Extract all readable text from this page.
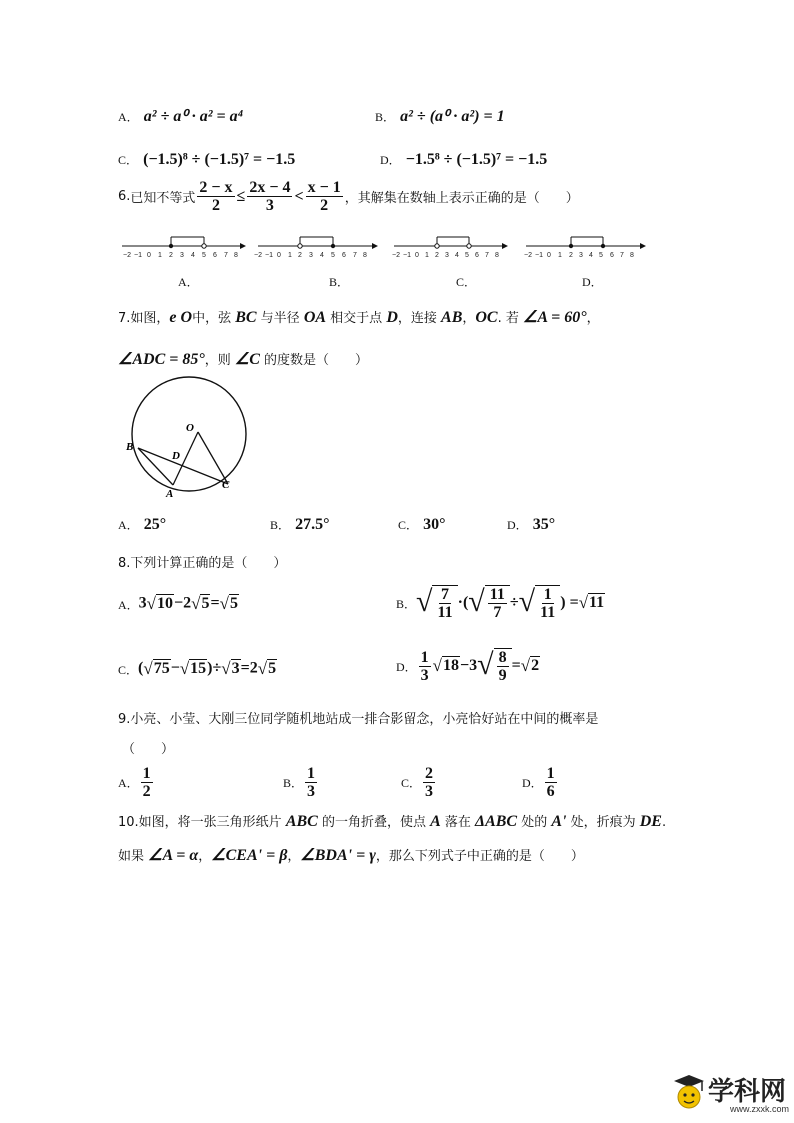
A． a² ÷ a⁰ · a² = a⁴	B． a² ÷ (a⁰ · a²) = 1
C． (−1.5)⁸ ÷ (−1.5)⁷ = −1.5	D． −1.5⁸ ÷ (−1.5)⁷ = −1.5
6. 已知不等式 $\frac{2 - x}{2} \le \frac{2x - 4}{3} < \frac{x - 1}{2}$ ，其解集在数轴上表示正确的是（　　）
−2 −1 0 1 2 3 4 5 6 7 8 −2 −1 0 1 2 3 4 5 6 7 8	−2 −1 0 1 2 3 4 5 6 7 8	−2 −1 0 1 2 3 4 5 6 7 8
A．	B．	C．	D．
7.如图，e O中，弦 BC 与半径 OA 相交于点 D，连接 AB，OC. 若 ∠A = 60°，
∠ADC = 85°，则 ∠C 的度数是（　　）
O
B
D
A
C
A． 25°	B． 27.5°	C． 30°	D． 35°
8.下列计算正确的是（　　）
A． 3 √ 10 −2 √ 5 = √ 5	B． √ $\frac{7}{11}$ ·( √ $\frac{11}{7}$ ÷ √ $\frac{1}{11}$ ) = √ 11
C． ( √ 75 − √ 15 )÷ √ 3 =2 √ 5	D． $\frac{1}{3}$ √ 18 −3 √ $\frac{8}{9}$ = √ 2
9.小亮、小莹、大刚三位同学随机地站成一排合影留念，小亮恰好站在中间的概率是
（　　）
A． $\frac{1}{2}$	B． $\frac{1}{3}$	C． $\frac{2}{3}$	D． $\frac{1}{6}$
10.如图，将一张三角形纸片 ABC 的一角折叠，使点 A 落在 ΔABC 处的 A' 处，折痕为 DE.
如果 ∠A = α，∠CEA' = β，∠BDA' = γ，那么下列式子中正确的是（　　）
学科网
www.zxxk.com
